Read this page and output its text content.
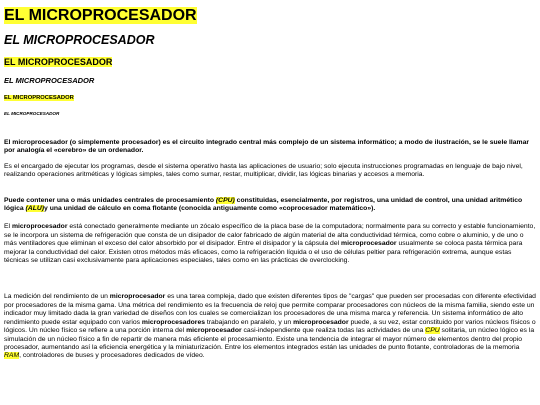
EL MICROPROCESADOR
EL MICROPROCESADOR
EL MICROPROCESADOR
EL MICROPROCESADOR
EL MICROPROCESADOR
EL MICROPROCESADOR

El microprocesador (o simplemente procesador) es el circuito integrado central más complejo de un sistema informático; a modo de ilustración, se le suele llamar por analogía el «cerebro» de un ordenador.

Es el encargado de ejecutar los programas, desde el sistema operativo hasta las aplicaciones de usuario; solo ejecuta instrucciones programadas en lenguaje de bajo nivel, realizando operaciones aritméticas y lógicas simples, tales como sumar, restar, multiplicar, dividir, las lógicas binarias y accesos a memoria.

Puede contener una o más unidades centrales de procesamiento (CPU) constituidas, esencialmente, por registros, una unidad de control, una unidad aritmético lógica (ALU)y una unidad de cálculo en coma flotante (conocida antiguamente como «coprocesador matemático»).

El microprocesador está conectado generalmente mediante un zócalo específico de la placa base de la computadora; normalmente para su correcto y estable funcionamiento, se le incorpora un sistema de refrigeración que consta de un disipador de calor fabricado de algún material de alta conductividad térmica, como cobre o aluminio, y de uno o más ventiladores que eliminan el exceso del calor absorbido por el disipador. Entre el disipador y la cápsula del microprocesador usualmente se coloca pasta térmica para mejorar la conductividad del calor. Existen otros métodos más eficaces, como la refrigeración líquida o el uso de células peltier para refrigeración extrema, aunque estas técnicas se utilizan casi exclusivamente para aplicaciones especiales, tales como en las prácticas de overclocking.

La medición del rendimiento de un microprocesador es una tarea compleja, dado que existen diferentes tipos de "cargas" que pueden ser procesadas con diferente efectividad por procesadores de la misma gama. Una métrica del rendimiento es la frecuencia de reloj que permite comparar procesadores con núcleos de la misma familia, siendo este un indicador muy limitado dada la gran variedad de diseños con los cuales se comercializan los procesadores de una misma marca y referencia. Un sistema informático de alto rendimiento puede estar equipado con varios microprocesadores trabajando en paralelo, y un microprocesador puede, a su vez, estar constituido por varios núcleos físicos o lógicos. Un núcleo físico se refiere a una porción interna del microprocesador casi-independiente que realiza todas las actividades de una CPU solitaria, un núcleo lógico es la simulación de un núcleo físico a fin de repartir de manera más eficiente el procesamiento. Existe una tendencia de integrar el mayor número de elementos dentro del propio procesador, aumentando así la eficiencia energética y la miniaturización. Entre los elementos integrados están las unidades de punto flotante, controladoras de la memoria RAM, controladores de buses y procesadores dedicados de vídeo.
